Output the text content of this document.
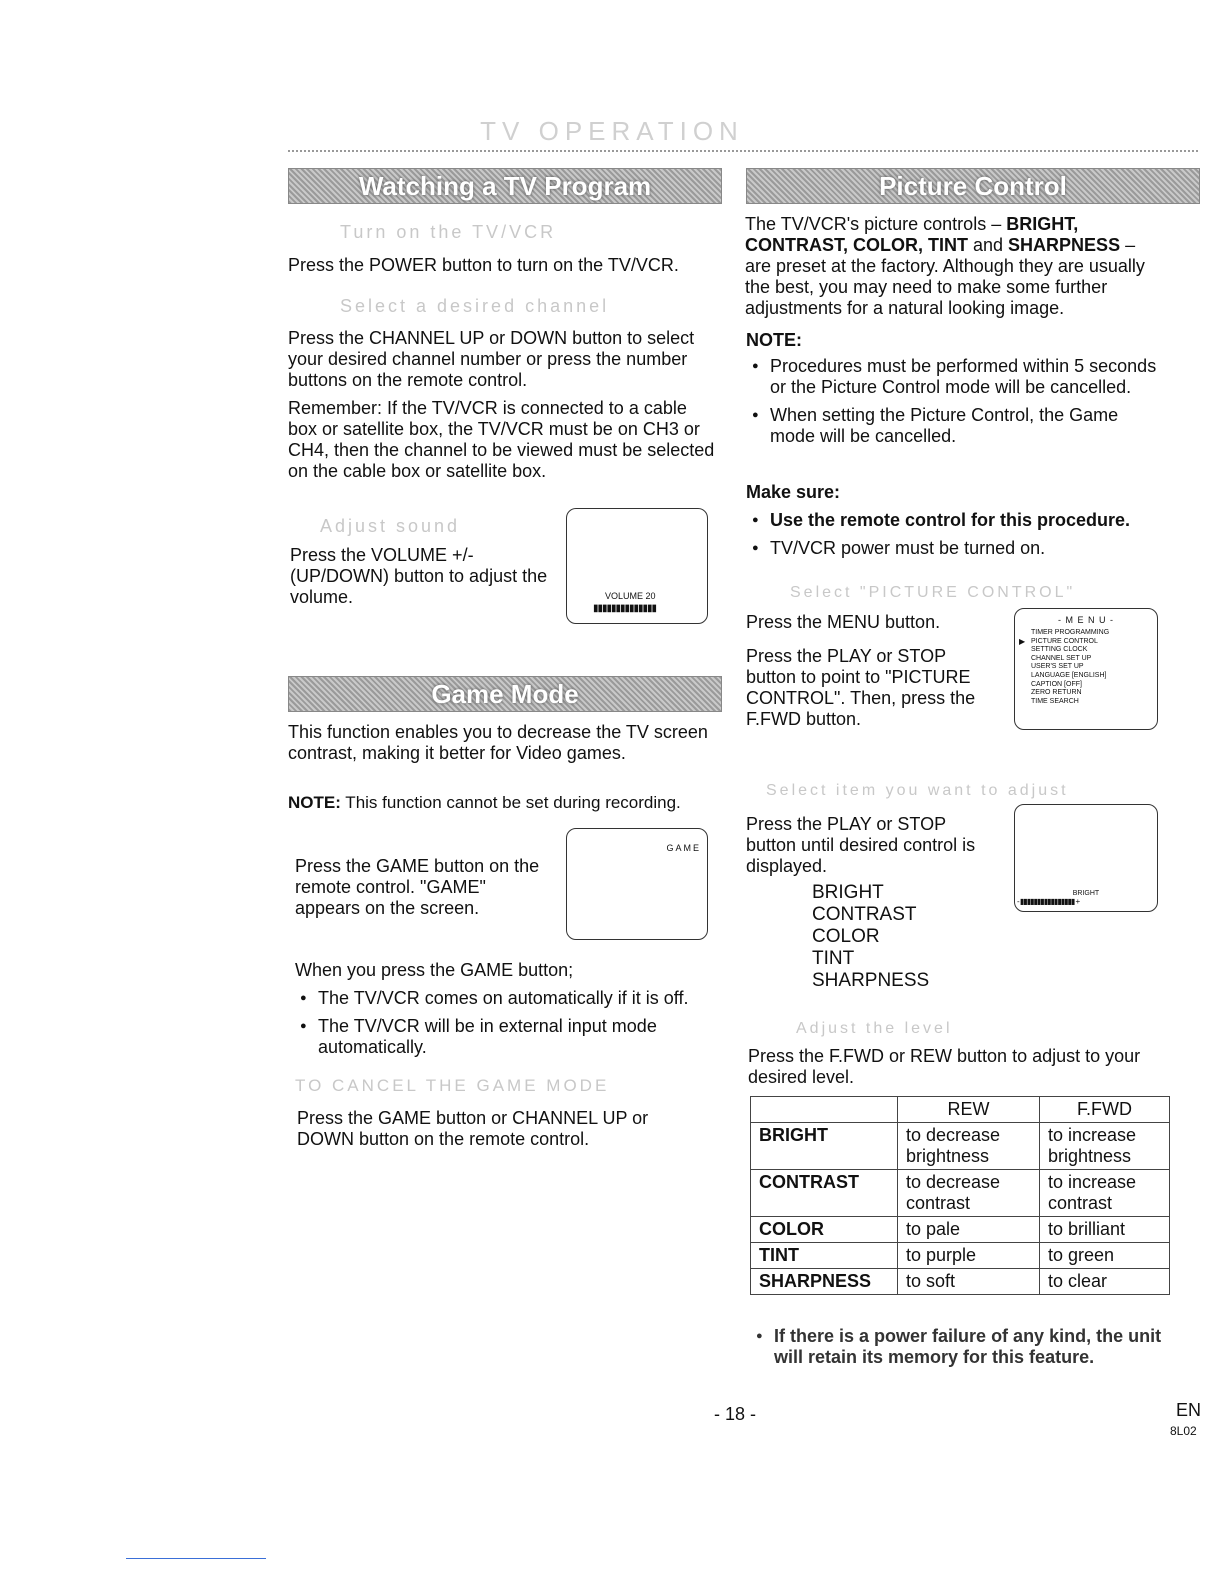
TV OPERATION
Watching a TV Program
Turn on the TV/VCR

Press the POWER button to turn on the TV/VCR.

Select a desired channel

Press the CHANNEL UP or DOWN button to select your desired channel number or press the number buttons on the remote control.

Remember: If the TV/VCR is connected to a cable box or satellite box, the TV/VCR must be on CH3 or CH4, then the channel to be viewed must be selected on the cable box or satellite box.

Adjust sound

Press the VOLUME +/- (UP/DOWN) button to adjust the volume.	VOLUME 20
▮▮▮▮▮▮▮▮▮▮▮▮▮▮
Game Mode

This function enables you to decrease the TV screen contrast, making it better for Video games.

NOTE: This function cannot be set during recording.

Press the GAME button on the remote control. "GAME" appears on the screen.

GAME

When you press the GAME button;

● The TV/VCR comes on automatically if it is off.
● The TV/VCR will be in external input mode automatically.
TO CANCEL THE GAME MODE

Press the GAME button or CHANNEL UP or DOWN button on the remote control.

Picture Control

The TV/VCR's picture controls – BRIGHT, CONTRAST, COLOR, TINT and SHARPNESS – are preset at the factory. Although they are usually the best, you may need to make some further adjustments for a natural looking image.

NOTE:
● Procedures must be performed within 5 seconds or the Picture Control mode will be cancelled.
● When setting the Picture Control, the Game mode will be cancelled.
Make sure:
● Use the remote control for this procedure.
● TV/VCR power must be turned on.
Select "PICTURE CONTROL"

Press the MENU button.

Press the PLAY or STOP button to point to "PICTURE CONTROL". Then, press the F.FWD button.

- M E N U -
▶
TIMER PROGRAMMING
PICTURE CONTROL
SETTING CLOCK
CHANNEL SET UP
USER'S SET UP
LANGUAGE [ENGLISH]
CAPTION [OFF]
ZERO RETURN
TIME SEARCH
Select item you want to adjust

Press the PLAY or STOP button until desired control is displayed.

BRIGHT
CONTRAST
COLOR
TINT
SHARPNESS
BRIGHT
- ▮▮▮▮▮▮▮▮▮▮▮▮▮▮▮▮ +
Adjust the level

Press the F.FWD or REW button to adjust to your desired level.

	REW	F.FWD
BRIGHT	to decrease brightness	to increase brightness
CONTRAST	to decrease contrast	to increase contrast
COLOR	to pale	to brilliant
TINT	to purple	to green
SHARPNESS	to soft	to clear
● If there is a power failure of any kind, the unit will retain its memory for this feature.
- 18 -	EN
8L02
